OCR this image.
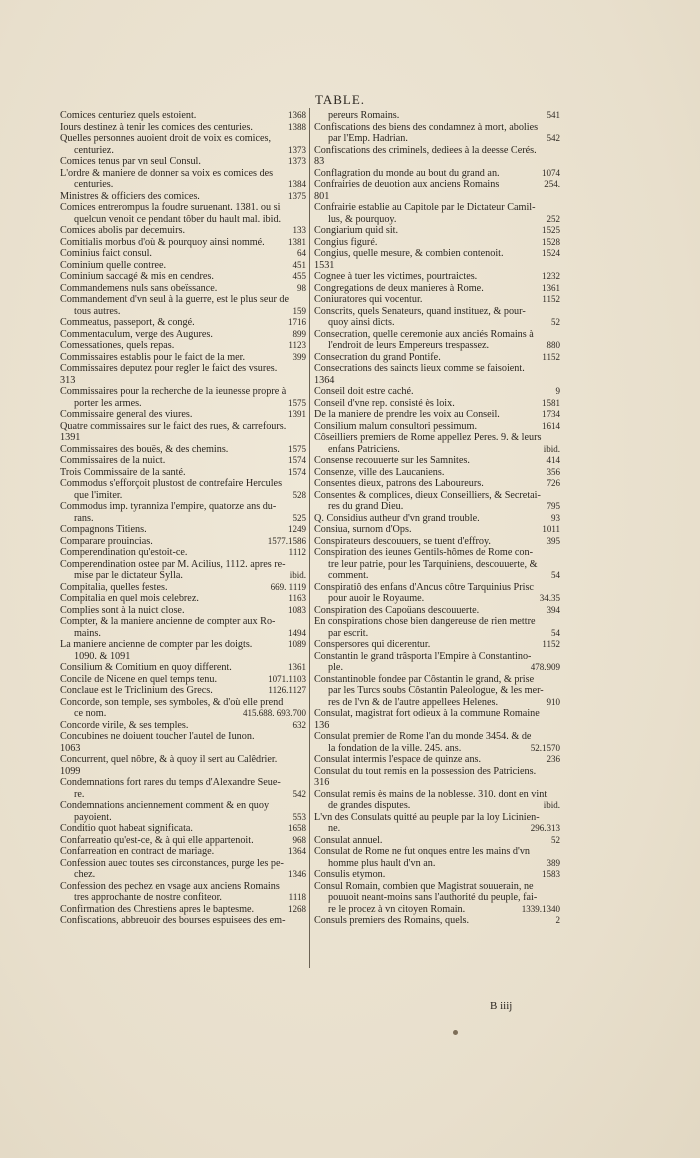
TABLE.
Comices centuriez quels estoient.	1368
Iours destinez à tenir les comices des centuries.	1388
Quelles personnes auoient droit de voix es comices,
centuriez.	1373
Comices tenus par vn seul Consul.	1373
L'ordre & maniere de donner sa voix es comices des
centuries.	1384
Ministres & officiers des comices.	1375
Comices entrerompus la foudre suruenant. 1381. ou si
quelcun venoit ce pendant tôber du hault mal. ibid.
Comices abolis par decemuirs.	133
Comitialis morbus d'où & pourquoy ainsi nommé.	1381
Cominius faict consul.	64
Cominium quelle contree.	451
Cominium saccagé & mis en cendres.	455
Commandemens nuls sans obeïssance.	98
Commandement d'vn seul à la guerre, est le plus seur de
tous autres.	159
Commeatus, passeport, & congé.	1716
Commentaculum, verge des Augures.	899
Comessationes, quels repas.	1123
Commissaires establis pour le faict de la mer.	399
Commissaires deputez pour regler le faict des vsures.
313
Commissaires pour la recherche de la ieunesse propre à
porter les armes.	1575
Commissaire general des viures.	1391
Quatre commissaires sur le faict des rues, & carrefours.
1391
Commissaires des bouës, & des chemins.	1575
Commissaires de la nuict.	1574
Trois Commissaire de la santé.	1574
Commodus s'efforçoit plustost de contrefaire Hercules
que l'imiter.	528
Commodus imp. tyranniza l'empire, quatorze ans du-
rans.	525
Compagnons Titiens.	1249
Comparare prouincias.	1577.1586
Comperendination qu'estoit-ce.	1112
Comperendination ostee par M. Acilius, 1112. apres re-
mise par le dictateur Sylla.	ibid.
Compitalia, quelles festes.	669. 1119
Compitalia en quel mois celebrez.	1163
Complies sont à la nuict close.	1083
Compter, & la maniere ancienne de compter aux Ro-
mains.	1494
La maniere ancienne de compter par les doigts.	1089
1090. & 1091
Consilium & Comitium en quoy different.	1361
Concile de Nicene en quel temps tenu.	1071.1103
Conclaue est le Triclinium des Grecs.	1126.1127
Concorde, son temple, ses symboles, & d'où elle prend
ce nom.	415.688. 693.700
Concorde virile, & ses temples.	632
Concubines ne doiuent toucher l'autel de Iunon.
1063
Concurrent, quel nôbre, & à quoy il sert au Calêdrier.
1099
Condemnations fort rares du temps d'Alexandre Seue-
re.	542
Condemnations anciennement comment & en quoy
payoient.	553
Conditio quot habeat significata.	1658
Confarreatio qu'est-ce, & à qui elle appartenoit.	968
Confarreation en contract de mariage.	1364
Confession auec toutes ses circonstances, purge les pe-
chez.	1346
Confession des pechez en vsage aux anciens Romains
tres approchante de nostre confiteor.	1118
Confirmation des Chrestiens apres le baptesme.	1268
Confiscations, abbreuoir des bourses espuisees des em-
pereurs Romains.	541
Confiscations des biens des condamnez à mort, abolies
par l'Emp. Hadrian.	542
Confiscations des criminels, dediees à la deesse Cerés.
83
Conflagration du monde au bout du grand an.	1074
Confrairies de deuotion aux anciens Romains	254.
801
Confrairie establie au Capitole par le Dictateur Camil-
lus, & pourquoy.	252
Congiarium quid sit.	1525
Congius figuré.	1528
Congius, quelle mesure, & combien contenoit.	1524
1531
Cognee à tuer les victimes, pourtraictes.	1232
Congregations de deux manieres à Rome.	1361
Coniuratores qui vocentur.	1152
Conscrits, quels Senateurs, quand instituez, & pour-
quoy ainsi dicts.	52
Consecration, quelle ceremonie aux anciés Romains à
l'endroit de leurs Empereurs trespassez.	880
Consecration du grand Pontife.	1152
Consecrations des saincts lieux comme se faisoient.
1364
Conseil doit estre caché.	9
Conseil d'vne rep. consisté ès loix.	1581
De la maniere de prendre les voix au Conseil.	1734
Consilium malum consultori pessimum.	1614
Côseilliers premiers de Rome appellez Peres. 9. & leurs
enfans Patriciens.	ibid.
Consense recouuerte sur les Samnites.	414
Consenze, ville des Laucaniens.	356
Consentes dieux, patrons des Laboureurs.	726
Consentes & complices, dieux Conseilliers, & Secretai-
res du grand Dieu.	795
Q. Considius autheur d'vn grand trouble.	93
Consiua, surnom d'Ops.	1011
Conspirateurs descouuers, se tuent d'effroy.	395
Conspiration des ieunes Gentils-hômes de Rome con-
tre leur patrie, pour les Tarquiniens, descouuerte, &
comment.	54
Conspiratiô des enfans d'Ancus côtre Tarquinius Prisc
pour auoir le Royaume.	34.35
Conspiration des Capoüans descouuerte.	394
En conspirations chose bien dangereuse de rien mettre
par escrit.	54
Conspersores qui dicerentur.	1152
Constantin le grand trâsporta l'Empire à Constantino-
ple.	478.909
Constantinoble fondee par Côstantin le grand, & prise
par les Turcs soubs Côstantin Paleologue, & les mer-
res de l'vn & de l'autre appellees Helenes.	910
Consulat, magistrat fort odieux à la commune Romaine
136
Consulat premier de Rome l'an du monde 3454. & de
la fondation de la ville. 245. ans.	52.1570
Consulat intermis l'espace de quinze ans.	236
Consulat du tout remis en la possession des Patriciens.
316
Consulat remis ès mains de la noblesse. 310. dont en vint
de grandes disputes.	ibid.
L'vn des Consulats quitté au peuple par la loy Licinien-
ne.	296.313
Consulat annuel.	52
Consulat de Rome ne fut onques entre les mains d'vn
homme plus hault d'vn an.	389
Consulis etymon.	1583
Consul Romain, combien que Magistrat souuerain, ne
pouuoit neant-moins sans l'authorité du peuple, fai-
re le procez à vn citoyen Romain.	1339.1340
Consuls premiers des Romains, quels.	2
B iiij
